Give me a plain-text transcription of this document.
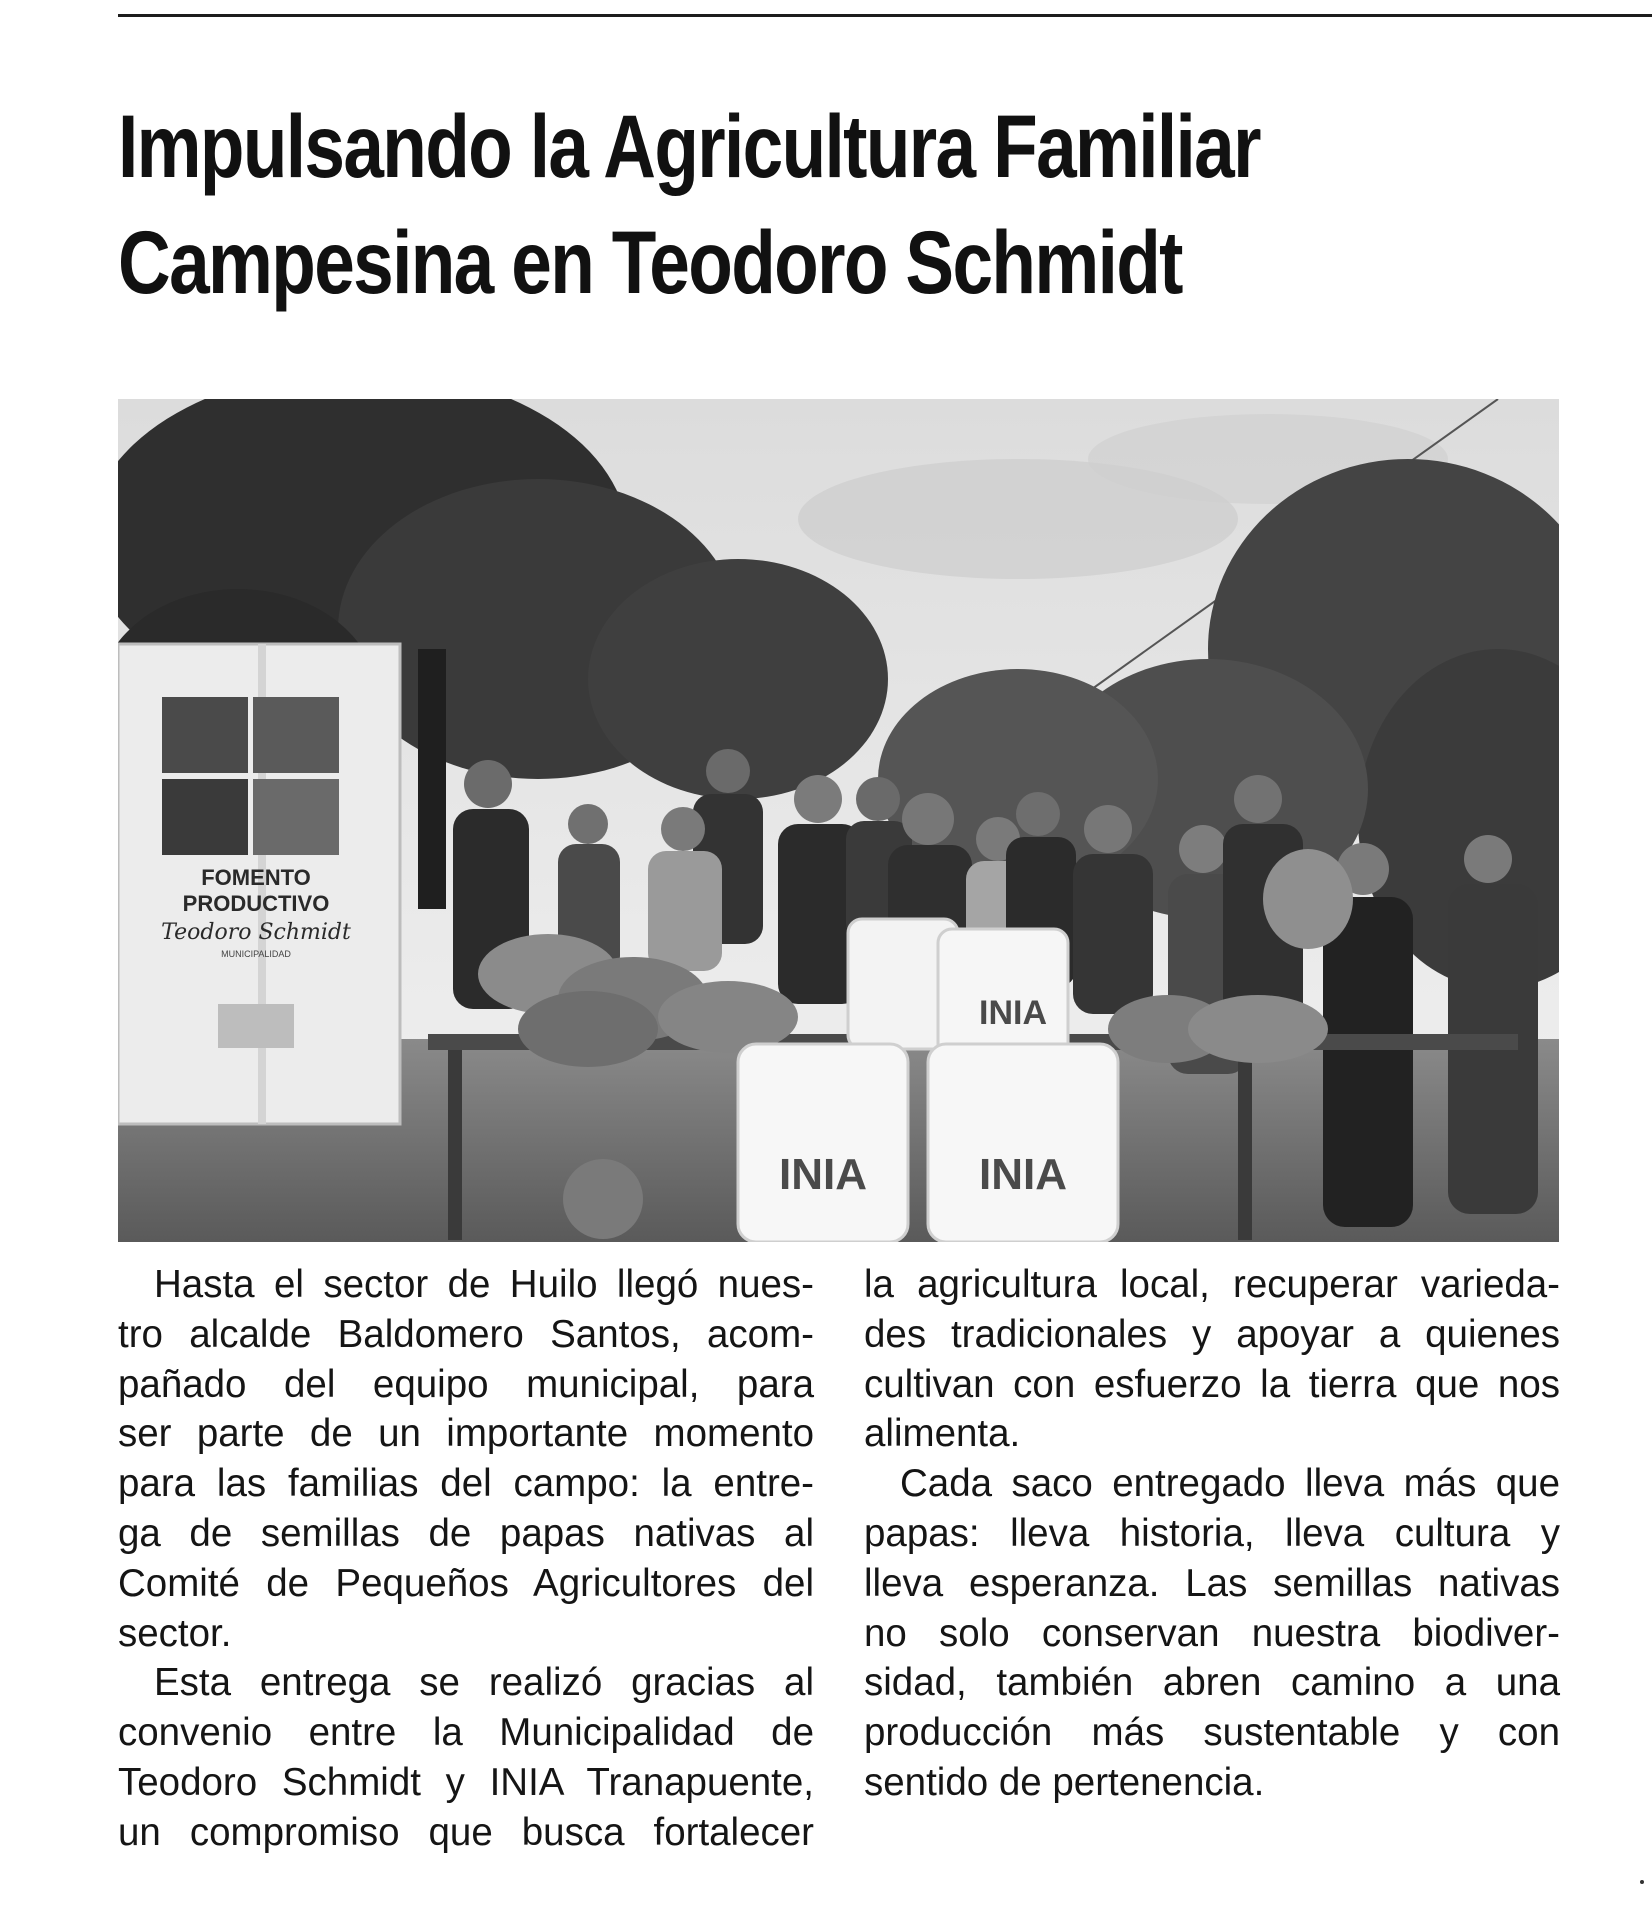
Impulsando la Agricultura Familiar
Campesina en Teodoro Schmidt
FOMENTO
PRODUCTIVO
Teodoro Schmidt
MUNICIPALIDAD
INIA
INIA	INIA
Hasta el sector de Huilo llegó nues-
tro alcalde Baldomero Santos, acom-
pañado del equipo municipal, para
ser parte de un importante momento
para las familias del campo: la entre-
ga de semillas de papas nativas al
Comité de Pequeños Agricultores del
sector.
Esta entrega se realizó gracias al
convenio entre la Municipalidad de
Teodoro Schmidt y INIA Tranapuente,
un compromiso que busca fortalecer
la agricultura local, recuperar varieda-
des tradicionales y apoyar a quienes
cultivan con esfuerzo la tierra que nos
alimenta.
Cada saco entregado lleva más que
papas: lleva historia, lleva cultura y
lleva esperanza. Las semillas nativas
no solo conservan nuestra biodiver-
sidad, también abren camino a una
producción más sustentable y con
sentido de pertenencia.
